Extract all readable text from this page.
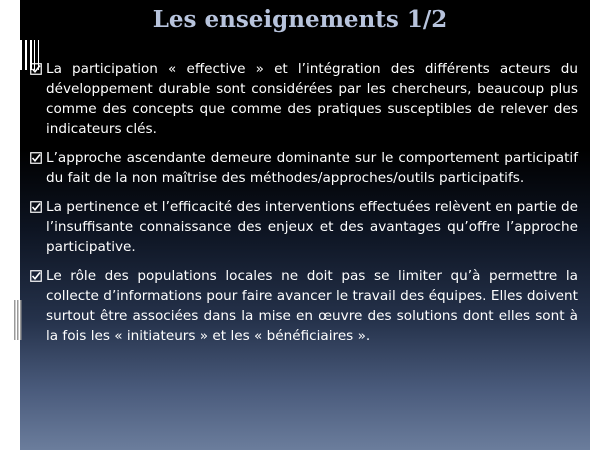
Les enseignements 1/2
La participation « effective » et l’intégration des différents acteurs du développement durable sont considérées par les chercheurs, beaucoup plus comme des concepts que comme des pratiques susceptibles de relever des indicateurs clés.
L’approche ascendante demeure dominante sur le comportement participatif du fait de la non maîtrise des méthodes/approches/outils participatifs.
La pertinence et l’efficacité des interventions effectuées relèvent en partie de l’insuffisante connaissance des enjeux et des avantages qu’offre l’approche participative.
Le rôle des populations locales ne doit pas se limiter qu’à permettre la collecte d’informations pour faire avancer le travail des équipes. Elles doivent surtout être associées dans la mise en œuvre des solutions dont elles sont à la fois les « initiateurs » et les « bénéficiaires ».
